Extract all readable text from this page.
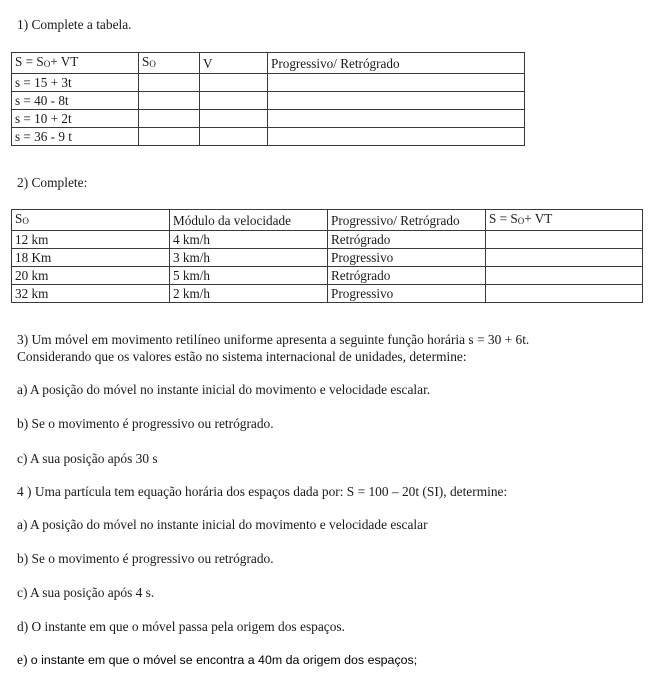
1) Complete a tabela.
$S = S_O+$ VT	$S_O$	V	Progressivo/ Retrógrado
s = 15 + 3t			
s = 40 - 8t			
s = 10 + 2t			
s = 36 - 9 t			
2) Complete:
$S_O$	Módulo da velocidade	Progressivo/ Retrógrado	$S = S_O+$ VT
12 km	4 km/h	Retrógrado	
18 Km	3 km/h	Progressivo	
20 km	5 km/h	Retrógrado	
32 km	2 km/h	Progressivo	
3) Um móvel em movimento retilíneo uniforme apresenta a seguinte função horária s = 30 + 6t.
Considerando que os valores estão no sistema internacional de unidades, determine:
a) A posição do móvel no instante inicial do movimento e velocidade escalar.
b) Se o movimento é progressivo ou retrógrado.
c) A sua posição após 30 s
4 ) Uma partícula tem equação horária dos espaços dada por: S = 100 – 20t (SI), determine:
a) A posição do móvel no instante inicial do movimento e velocidade escalar
b) Se o movimento é progressivo ou retrógrado.
c) A sua posição após 4 s.
d) O instante em que o móvel passa pela origem dos espaços.
e) o instante em que o móvel se encontra a 40m da origem dos espaços;
